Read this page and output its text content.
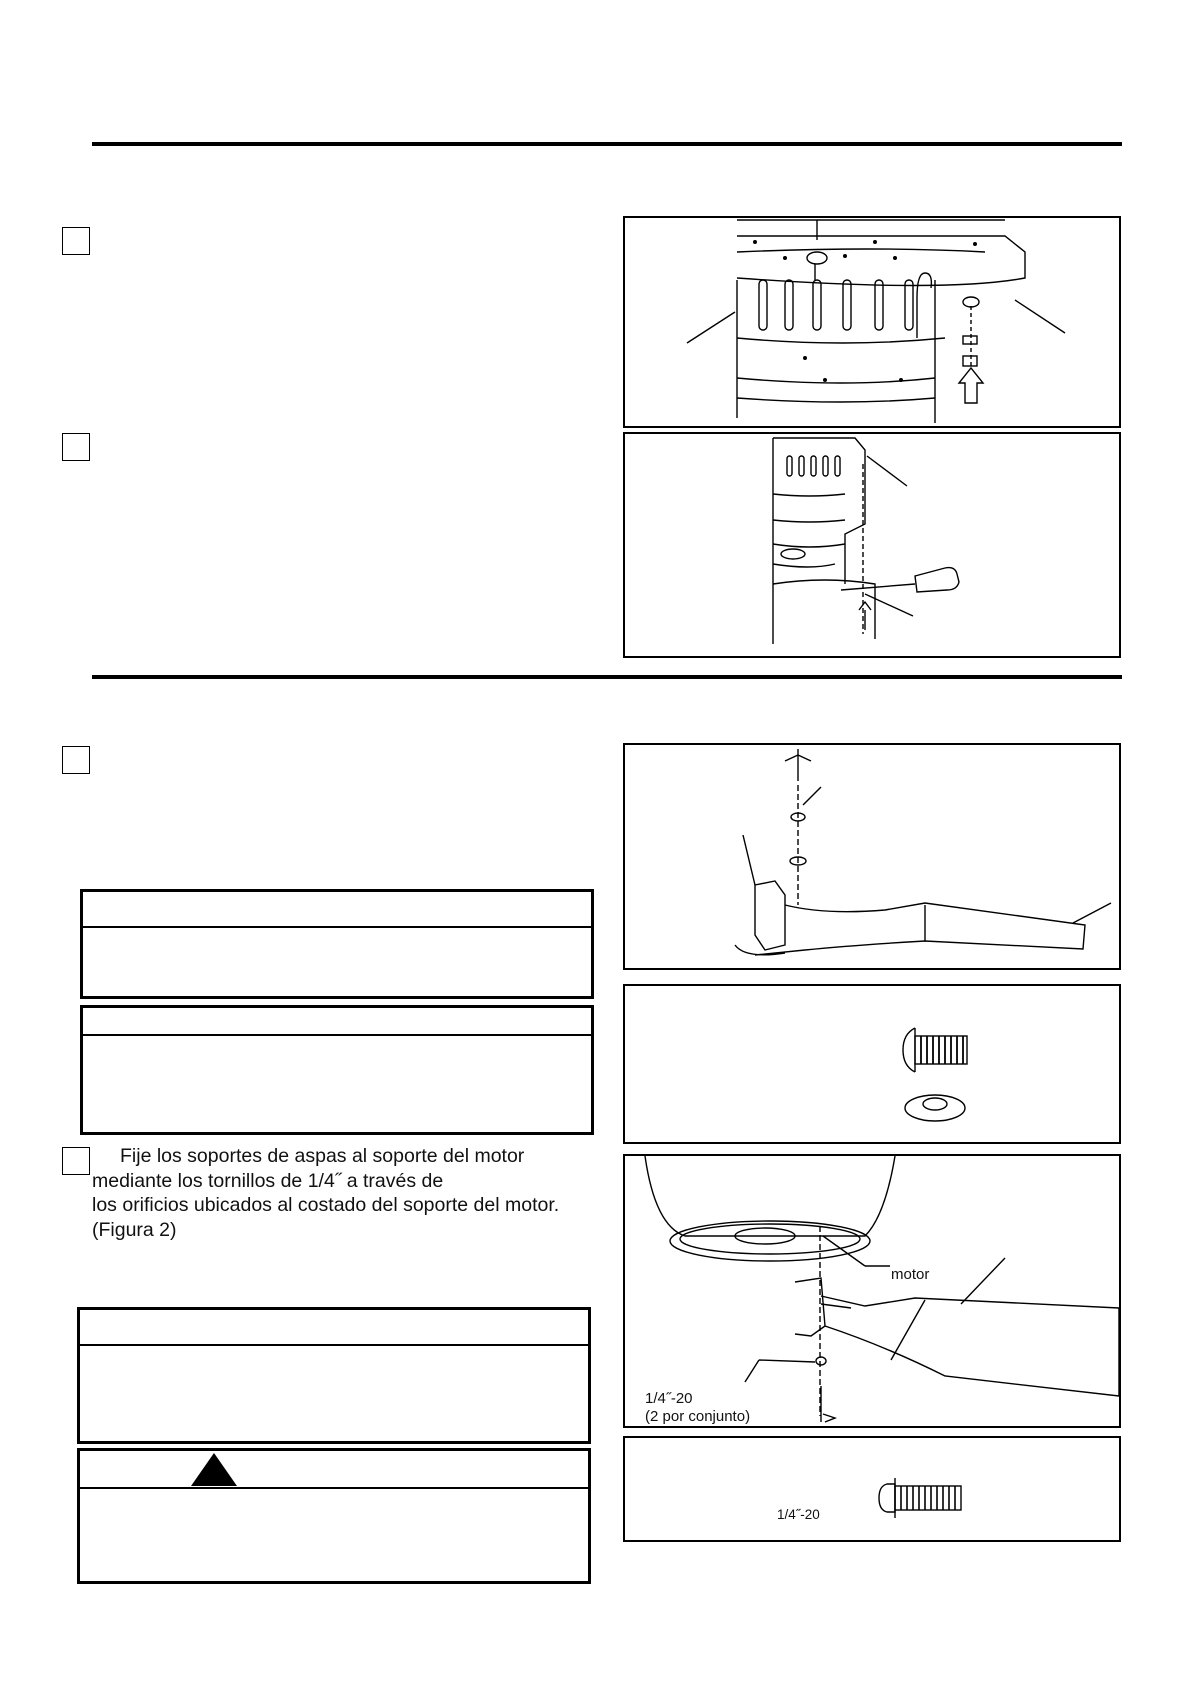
Fije los soportes de aspas al soporte del motor
mediante los tornillos de 1/4˝ a través de
los orificios ubicados al costado del soporte del motor.
(Figura 2)
motor
1/4˝-20
(2 por conjunto)
1/4˝-20
